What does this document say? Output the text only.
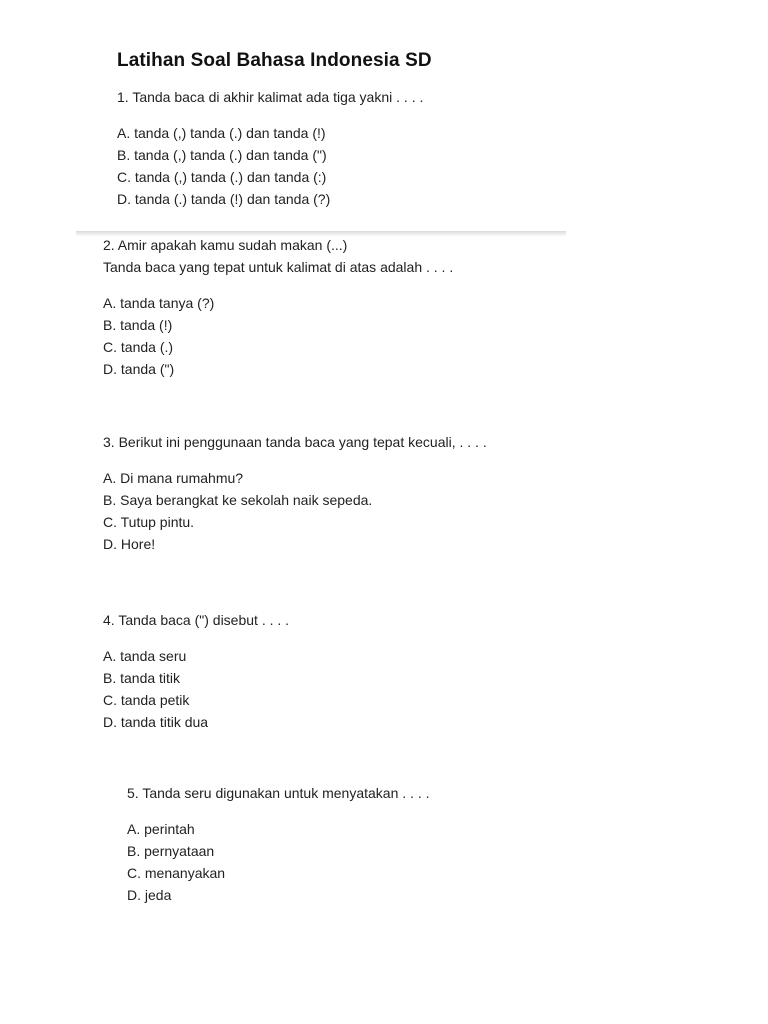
Latihan Soal Bahasa Indonesia SD
1. Tanda baca di akhir kalimat ada tiga yakni . . . .
A. tanda (,) tanda (.) dan tanda (!)
B. tanda (,) tanda (.) dan tanda (")
C. tanda (,) tanda (.) dan tanda (:)
D. tanda (.) tanda (!) dan tanda (?)
2. Amir apakah kamu sudah makan (...)
Tanda baca yang tepat untuk kalimat di atas adalah . . . .
A. tanda tanya (?)
B. tanda (!)
C. tanda (.)
D. tanda (")
3. Berikut ini penggunaan tanda baca yang tepat kecuali, . . . .
A. Di mana rumahmu?
B. Saya berangkat ke sekolah naik sepeda.
C. Tutup pintu.
D. Hore!
4. Tanda baca (") disebut . . . .
A. tanda seru
B. tanda titik
C. tanda petik
D. tanda titik dua
5. Tanda seru digunakan untuk menyatakan . . . .
A. perintah
B. pernyataan
C. menanyakan
D. jeda
